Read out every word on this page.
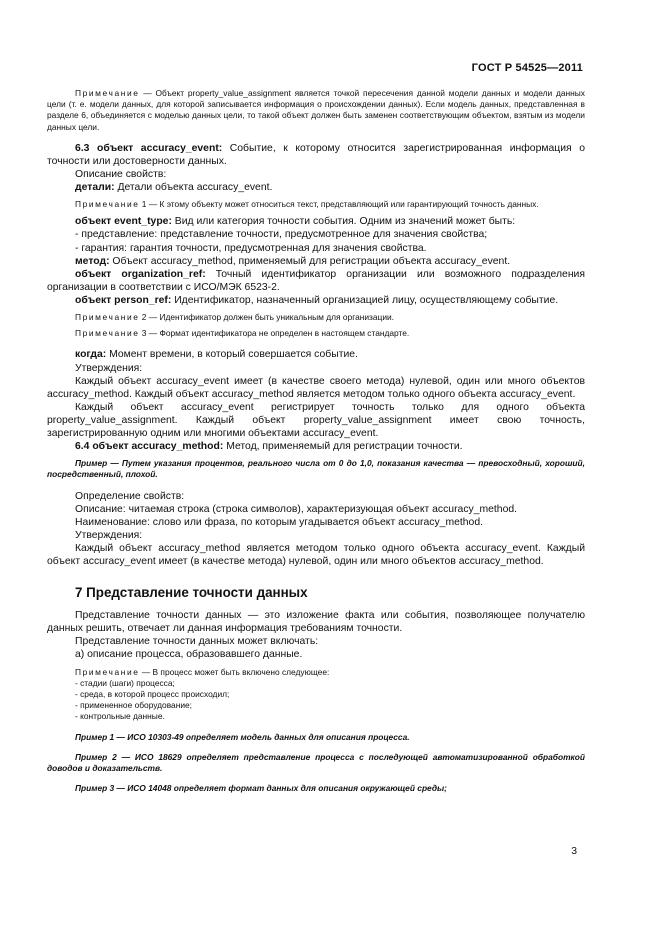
ГОСТ Р 54525—2011

Примечание — Объект property_value_assignment является точкой пересечения данной модели данных и модели данных цели (т. е. модели данных, для которой записывается информация о происхождении данных). Если модель данных, представленная в разделе 6, объединяется с моделью данных цели, то такой объект должен быть заменен соответствующим объектом, взятым из модели данных цели.

6.3 объект accuracy_event: Событие, к которому относится зарегистрированная информация о точности или достоверности данных.

Описание свойств:

детали: Детали объекта accuracy_event.

Примечание 1 — К этому объекту может относиться текст, представляющий или гарантирующий точность данных.

объект event_type: Вид или категория точности события. Одним из значений может быть:

- представление: представление точности, предусмотренное для значения свойства;

- гарантия: гарантия точности, предусмотренная для значения свойства.

метод: Объект accuracy_method, применяемый для регистрации объекта accuracy_event.

объект organization_ref: Точный идентификатор организации или возможного подразделения организации в соответствии с ИСО/МЭК 6523-2.

объект person_ref: Идентификатор, назначенный организацией лицу, осуществляющему событие.

Примечание 2 — Идентификатор должен быть уникальным для организации.

Примечание 3 — Формат идентификатора не определен в настоящем стандарте.

когда: Момент времени, в который совершается событие.

Утверждения:

Каждый объект accuracy_event имеет (в качестве своего метода) нулевой, один или много объектов accuracy_method. Каждый объект accuracy_method является методом только одного объекта accuracy_event.

Каждый объект accuracy_event регистрирует точность только для одного объекта property_value_assignment. Каждый объект property_value_assignment имеет свою точность, зарегистрированную одним или многими объектами accuracy_event.

6.4 объект accuracy_method: Метод, применяемый для регистрации точности.

Пример — Путем указания процентов, реального числа от 0 до 1,0, показания качества — превосходный, хороший, посредственный, плохой.

Определение свойств:

Описание: читаемая строка (строка символов), характеризующая объект accuracy_method.

Наименование: слово или фраза, по которым угадывается объект accuracy_method.

Утверждения:

Каждый объект accuracy_method является методом только одного объекта accuracy_event. Каждый объект accuracy_event имеет (в качестве метода) нулевой, один или много объектов accuracy_method.

7 Представление точности данных

Представление точности данных — это изложение факта или события, позволяющее получателю данных решить, отвечает ли данная информация требованиям точности.

Представление точности данных может включать:

а) описание процесса, образовавшего данные.

Примечание — В процесс может быть включено следующее:

- стадии (шаги) процесса;

- среда, в которой процесс происходил;

- примененное оборудование;

- контрольные данные.

Пример 1 — ИСО 10303-49 определяет модель данных для описания процесса.

Пример 2 — ИСО 18629 определяет представление процесса с последующей автоматизированной обработкой доводов и доказательств.

Пример 3 — ИСО 14048 определяет формат данных для описания окружающей среды;

3
